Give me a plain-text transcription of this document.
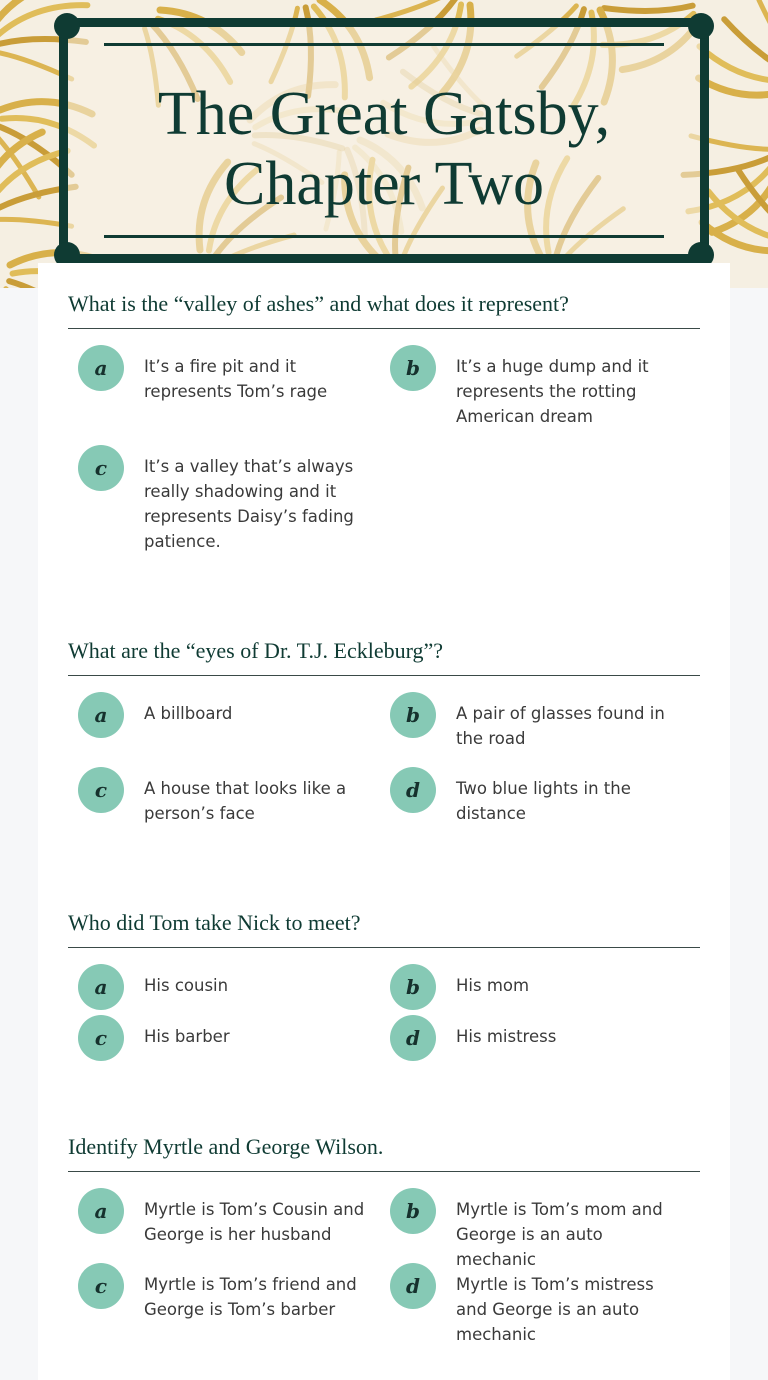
The Great Gatsby,
Chapter Two
What is the “valley of ashes” and what does it represent?
a	It’s a fire pit and it represents Tom’s rage
b	It’s a huge dump and it represents the rotting American dream
c	It’s a valley that’s always really shadowing and it represents Daisy’s fading patience.
What are the “eyes of Dr. T.J. Eckleburg”?
a	A billboard	b	A pair of glasses found in the road
c	A house that looks like a person’s face
d	Two blue lights in the distance
Who did Tom take Nick to meet?
a	His cousin	b	His mom
c	His barber	d	His mistress
Identify Myrtle and George Wilson.
a	Myrtle is Tom’s Cousin and George is her husband
b	Myrtle is Tom’s mom and George is an auto mechanic
c	Myrtle is Tom’s friend and George is Tom’s barber
d	Myrtle is Tom’s mistress and George is an auto mechanic
